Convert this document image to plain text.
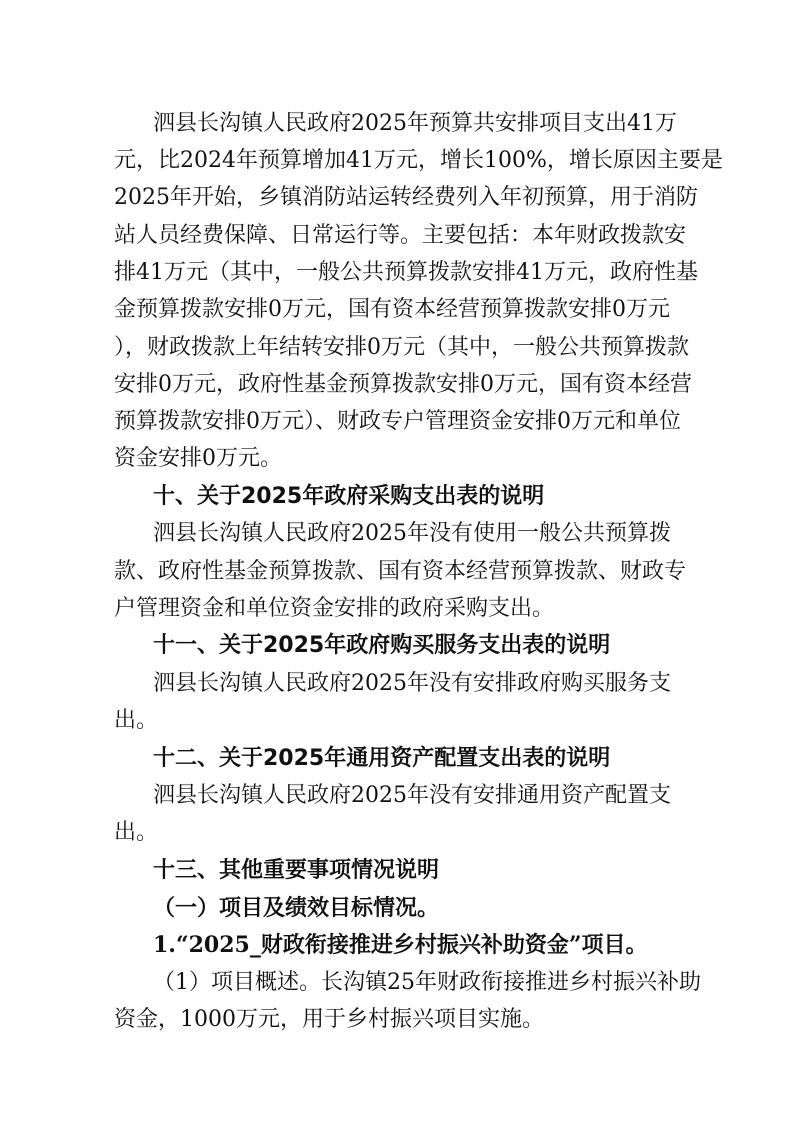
泗县长沟镇人民政府2025年预算共安排项目支出41万
元，比2024年预算增加41万元，增长100%，增长原因主要是
2025年开始，乡镇消防站运转经费列入年初预算，用于消防
站人员经费保障、日常运行等。主要包括：本年财政拨款安
排41万元（其中，一般公共预算拨款安排41万元，政府性基
金预算拨款安排0万元，国有资本经营预算拨款安排0万元
），财政拨款上年结转安排0万元（其中，一般公共预算拨款
安排0万元，政府性基金预算拨款安排0万元，国有资本经营
预算拨款安排0万元）、财政专户管理资金安排0万元和单位
资金安排0万元。
十、关于2025年政府采购支出表的说明
泗县长沟镇人民政府2025年没有使用一般公共预算拨
款、政府性基金预算拨款、国有资本经营预算拨款、财政专
户管理资金和单位资金安排的政府采购支出。
十一、关于2025年政府购买服务支出表的说明
泗县长沟镇人民政府2025年没有安排政府购买服务支
出。
十二、关于2025年通用资产配置支出表的说明
泗县长沟镇人民政府2025年没有安排通用资产配置支
出。
十三、其他重要事项情况说明
（一）项目及绩效目标情况。
1.“2025_财政衔接推进乡村振兴补助资金”项目。
（1）项目概述。长沟镇25年财政衔接推进乡村振兴补助
资金，1000万元，用于乡村振兴项目实施。
